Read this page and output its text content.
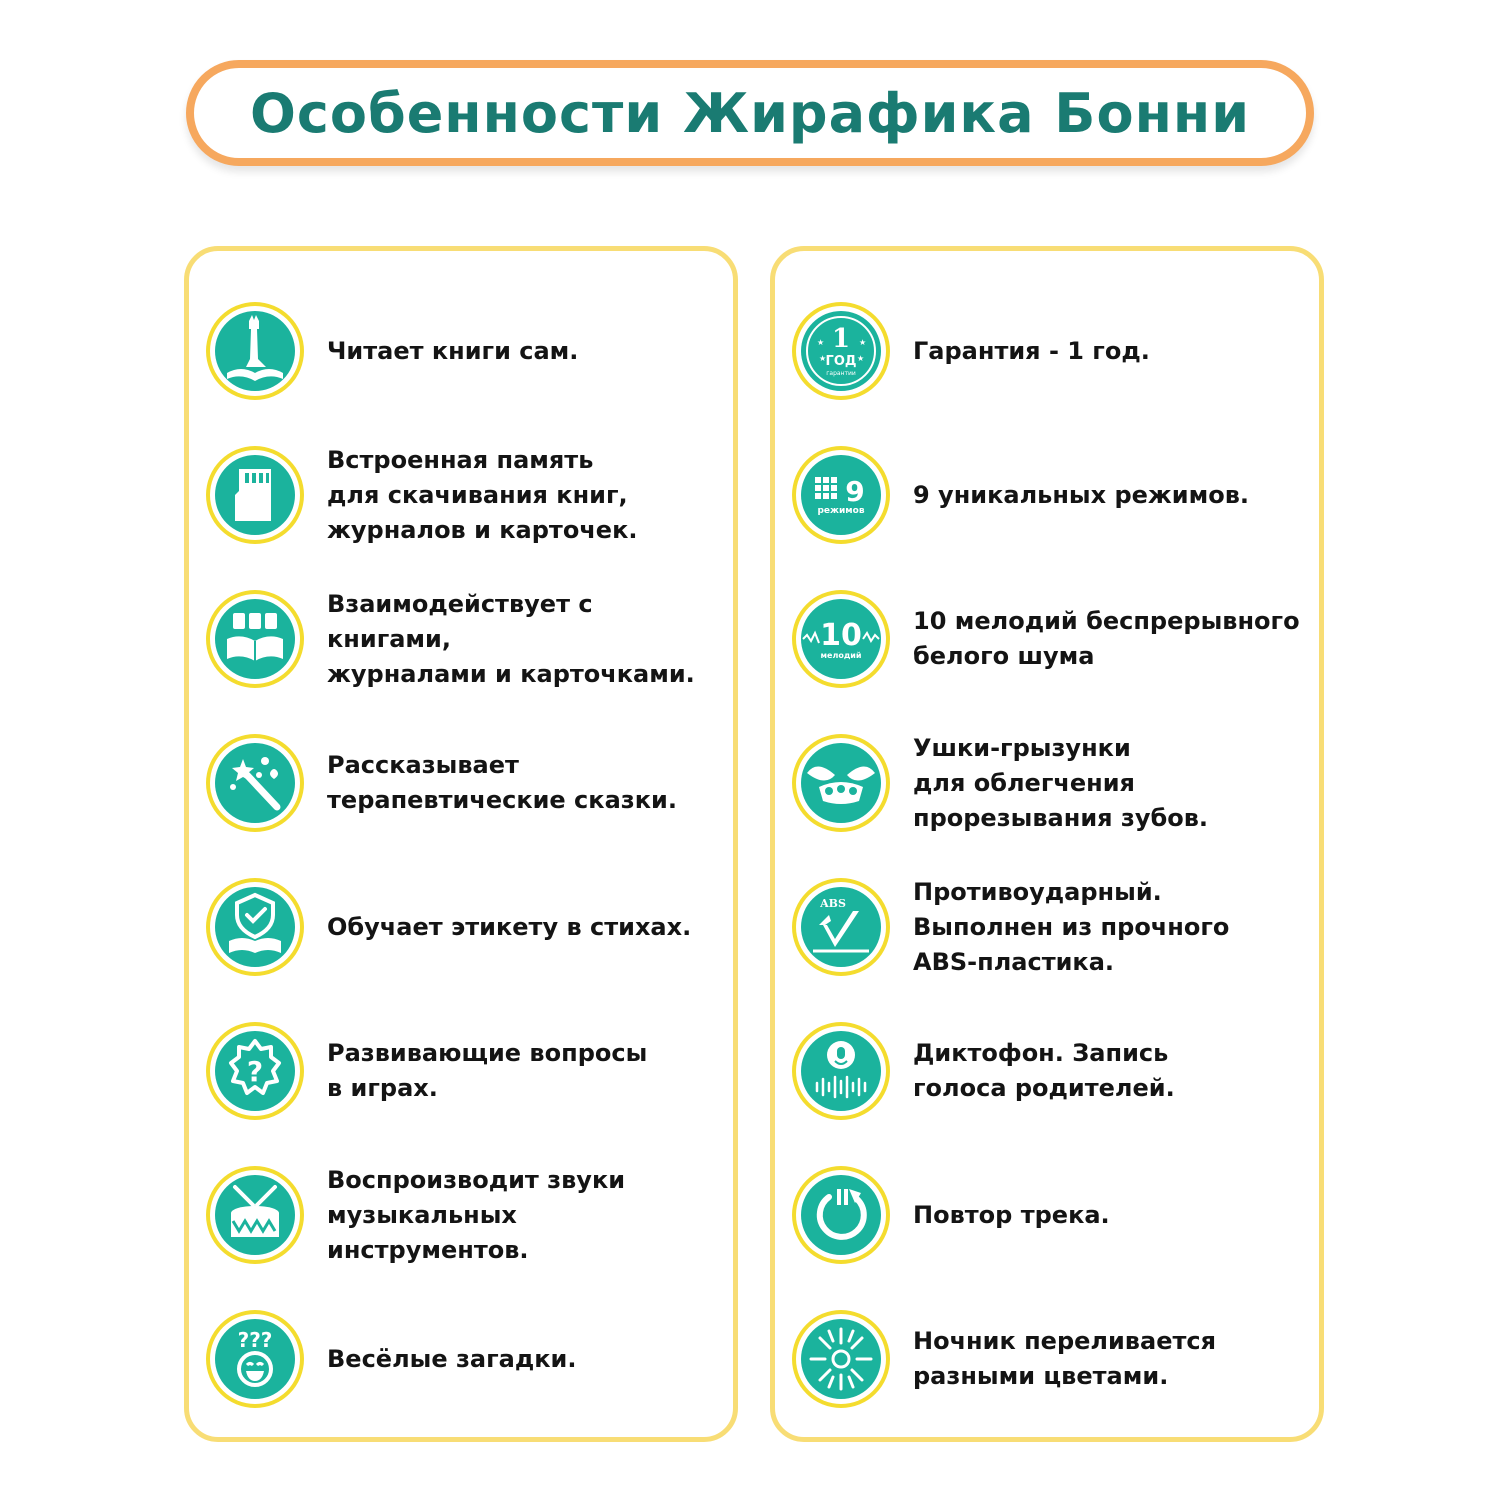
Особенности Жирафика Бонни
Читает книги сам.
Встроенная память
для скачивания книг,
журналов и карточек.
Взаимодействует с книгами,
журналами и карточками.
Рассказывает
терапевтические сказки.
Обучает этикету в стихах.
?
Развивающие вопросы
в играх.
Воспроизводит звуки
музыкальных инструментов.
???
Весёлые загадки.
1
ГОД
гарантии
★	★
★	★ Гарантия - 1 год.
9
режимов
9 уникальных режимов.
10
мелодий
10 мелодий беспрерывного
белого шума
Ушки-грызунки
для облегчения
прорезывания зубов.
ABS	Противоударный.
Выполнен из прочного
ABS-пластика.
Диктофон. Запись
голоса родителей.
Повтор трека.
Ночник переливается
разными цветами.
